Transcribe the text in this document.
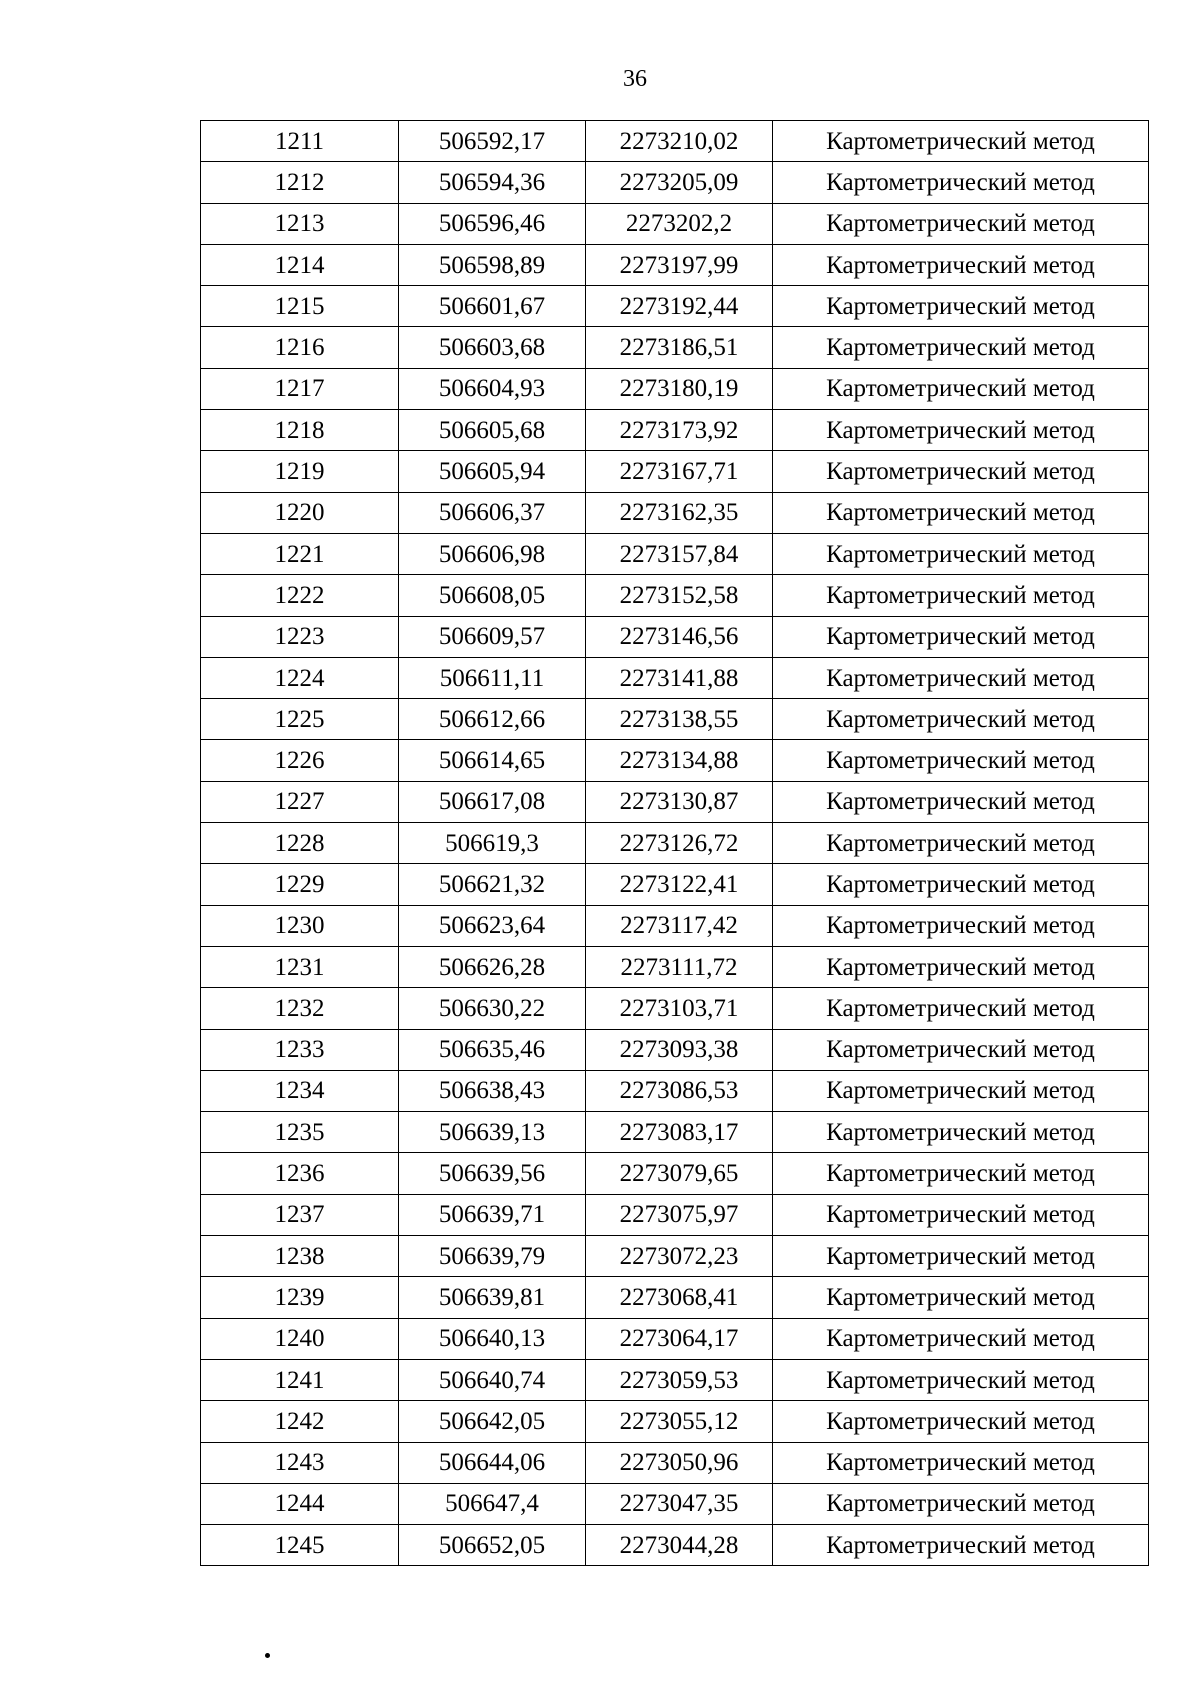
36
1211	506592,17	2273210,02	Картометрический метод
1212	506594,36	2273205,09	Картометрический метод
1213	506596,46	2273202,2	Картометрический метод
1214	506598,89	2273197,99	Картометрический метод
1215	506601,67	2273192,44	Картометрический метод
1216	506603,68	2273186,51	Картометрический метод
1217	506604,93	2273180,19	Картометрический метод
1218	506605,68	2273173,92	Картометрический метод
1219	506605,94	2273167,71	Картометрический метод
1220	506606,37	2273162,35	Картометрический метод
1221	506606,98	2273157,84	Картометрический метод
1222	506608,05	2273152,58	Картометрический метод
1223	506609,57	2273146,56	Картометрический метод
1224	506611,11	2273141,88	Картометрический метод
1225	506612,66	2273138,55	Картометрический метод
1226	506614,65	2273134,88	Картометрический метод
1227	506617,08	2273130,87	Картометрический метод
1228	506619,3	2273126,72	Картометрический метод
1229	506621,32	2273122,41	Картометрический метод
1230	506623,64	2273117,42	Картометрический метод
1231	506626,28	2273111,72	Картометрический метод
1232	506630,22	2273103,71	Картометрический метод
1233	506635,46	2273093,38	Картометрический метод
1234	506638,43	2273086,53	Картометрический метод
1235	506639,13	2273083,17	Картометрический метод
1236	506639,56	2273079,65	Картометрический метод
1237	506639,71	2273075,97	Картометрический метод
1238	506639,79	2273072,23	Картометрический метод
1239	506639,81	2273068,41	Картометрический метод
1240	506640,13	2273064,17	Картометрический метод
1241	506640,74	2273059,53	Картометрический метод
1242	506642,05	2273055,12	Картометрический метод
1243	506644,06	2273050,96	Картометрический метод
1244	506647,4	2273047,35	Картометрический метод
1245	506652,05	2273044,28	Картометрический метод
